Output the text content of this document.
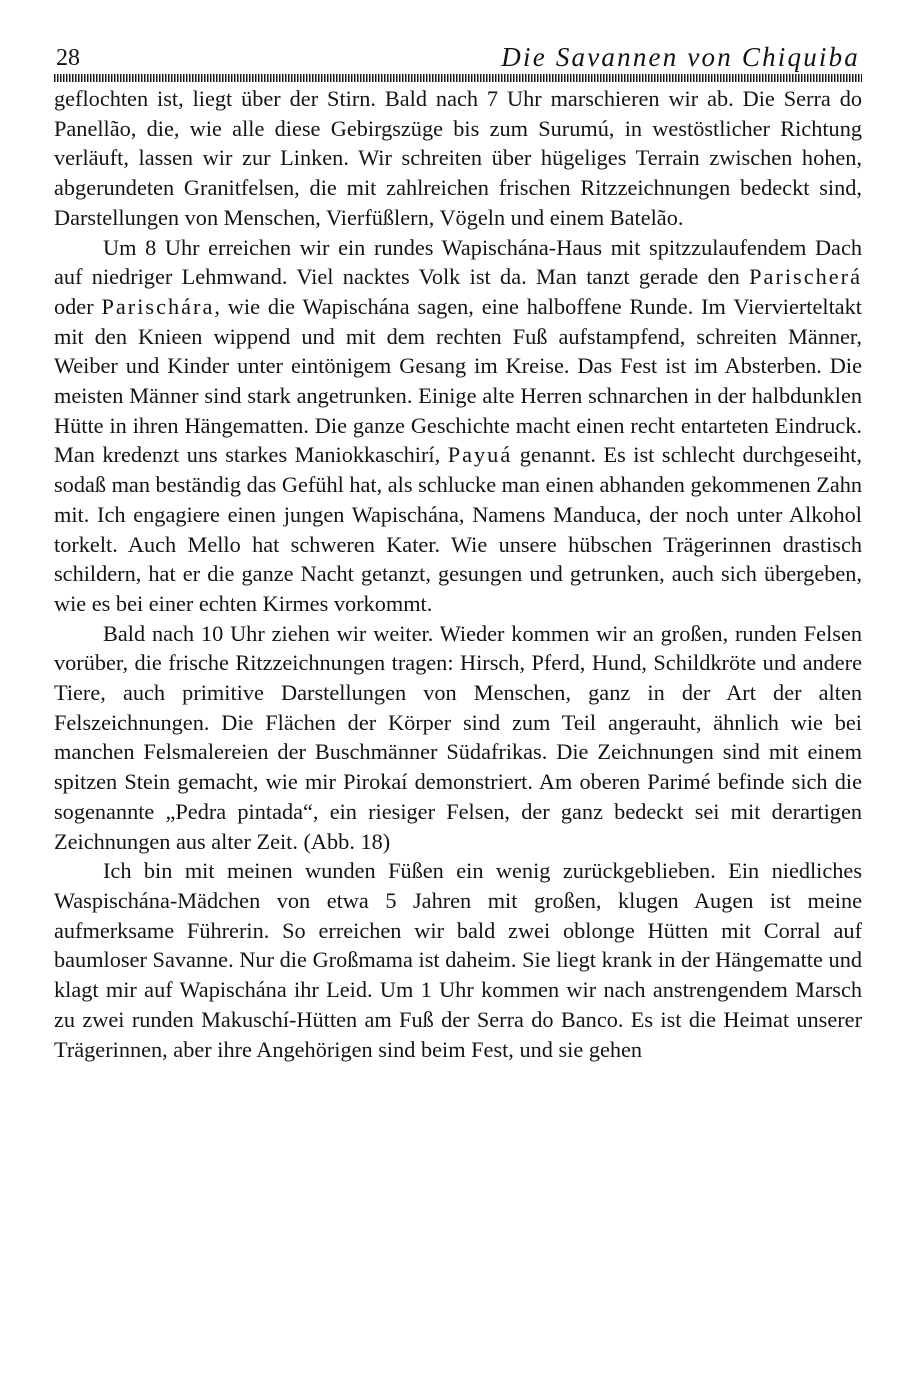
28	Die Savannen von Chiquiba

geflochten ist, liegt über der Stirn. Bald nach 7 Uhr marschieren wir ab. Die Serra do Panellão, die, wie alle diese Gebirgszüge bis zum Surumú, in westöstlicher Richtung verläuft, lassen wir zur Linken. Wir schreiten über hügeliges Terrain zwischen hohen, abgerundeten Granitfelsen, die mit zahlreichen frischen Ritzzeichnungen bedeckt sind, Darstellungen von Menschen, Vierfüßlern, Vögeln und einem Batelão.

Um 8 Uhr erreichen wir ein rundes Wapischána-Haus mit spitzzulaufendem Dach auf niedriger Lehmwand. Viel nacktes Volk ist da. Man tanzt gerade den Parischerá oder Parischára, wie die Wapischána sagen, eine halboffene Runde. Im Viervierteltakt mit den Knieen wippend und mit dem rechten Fuß aufstampfend, schreiten Männer, Weiber und Kinder unter eintönigem Gesang im Kreise. Das Fest ist im Absterben. Die meisten Männer sind stark angetrunken. Einige alte Herren schnarchen in der halbdunklen Hütte in ihren Hängematten. Die ganze Geschichte macht einen recht entarteten Eindruck. Man kredenzt uns starkes Maniokkaschirí, Payuá genannt. Es ist schlecht durchgeseiht, sodaß man beständig das Gefühl hat, als schlucke man einen abhanden gekommenen Zahn mit. Ich engagiere einen jungen Wapischána, Namens Manduca, der noch unter Alkohol torkelt. Auch Mello hat schweren Kater. Wie unsere hübschen Trägerinnen drastisch schildern, hat er die ganze Nacht getanzt, gesungen und getrunken, auch sich übergeben, wie es bei einer echten Kirmes vorkommt.

Bald nach 10 Uhr ziehen wir weiter. Wieder kommen wir an großen, runden Felsen vorüber, die frische Ritzzeichnungen tragen: Hirsch, Pferd, Hund, Schildkröte und andere Tiere, auch primitive Darstellungen von Menschen, ganz in der Art der alten Felszeichnungen. Die Flächen der Körper sind zum Teil angerauht, ähnlich wie bei manchen Felsmalereien der Buschmänner Südafrikas. Die Zeichnungen sind mit einem spitzen Stein gemacht, wie mir Pirokaí demonstriert. Am oberen Parimé befinde sich die sogenannte „Pedra pintada“, ein riesiger Felsen, der ganz bedeckt sei mit derartigen Zeichnungen aus alter Zeit. (Abb. 18)

Ich bin mit meinen wunden Füßen ein wenig zurückgeblieben. Ein niedliches Waspischána-Mädchen von etwa 5 Jahren mit großen, klugen Augen ist meine aufmerksame Führerin. So erreichen wir bald zwei oblonge Hütten mit Corral auf baumloser Savanne. Nur die Großmama ist daheim. Sie liegt krank in der Hängematte und klagt mir auf Wapischána ihr Leid. Um 1 Uhr kommen wir nach anstrengendem Marsch zu zwei runden Makuschí-Hütten am Fuß der Serra do Banco. Es ist die Heimat unserer Trägerinnen, aber ihre Angehörigen sind beim Fest, und sie gehen
